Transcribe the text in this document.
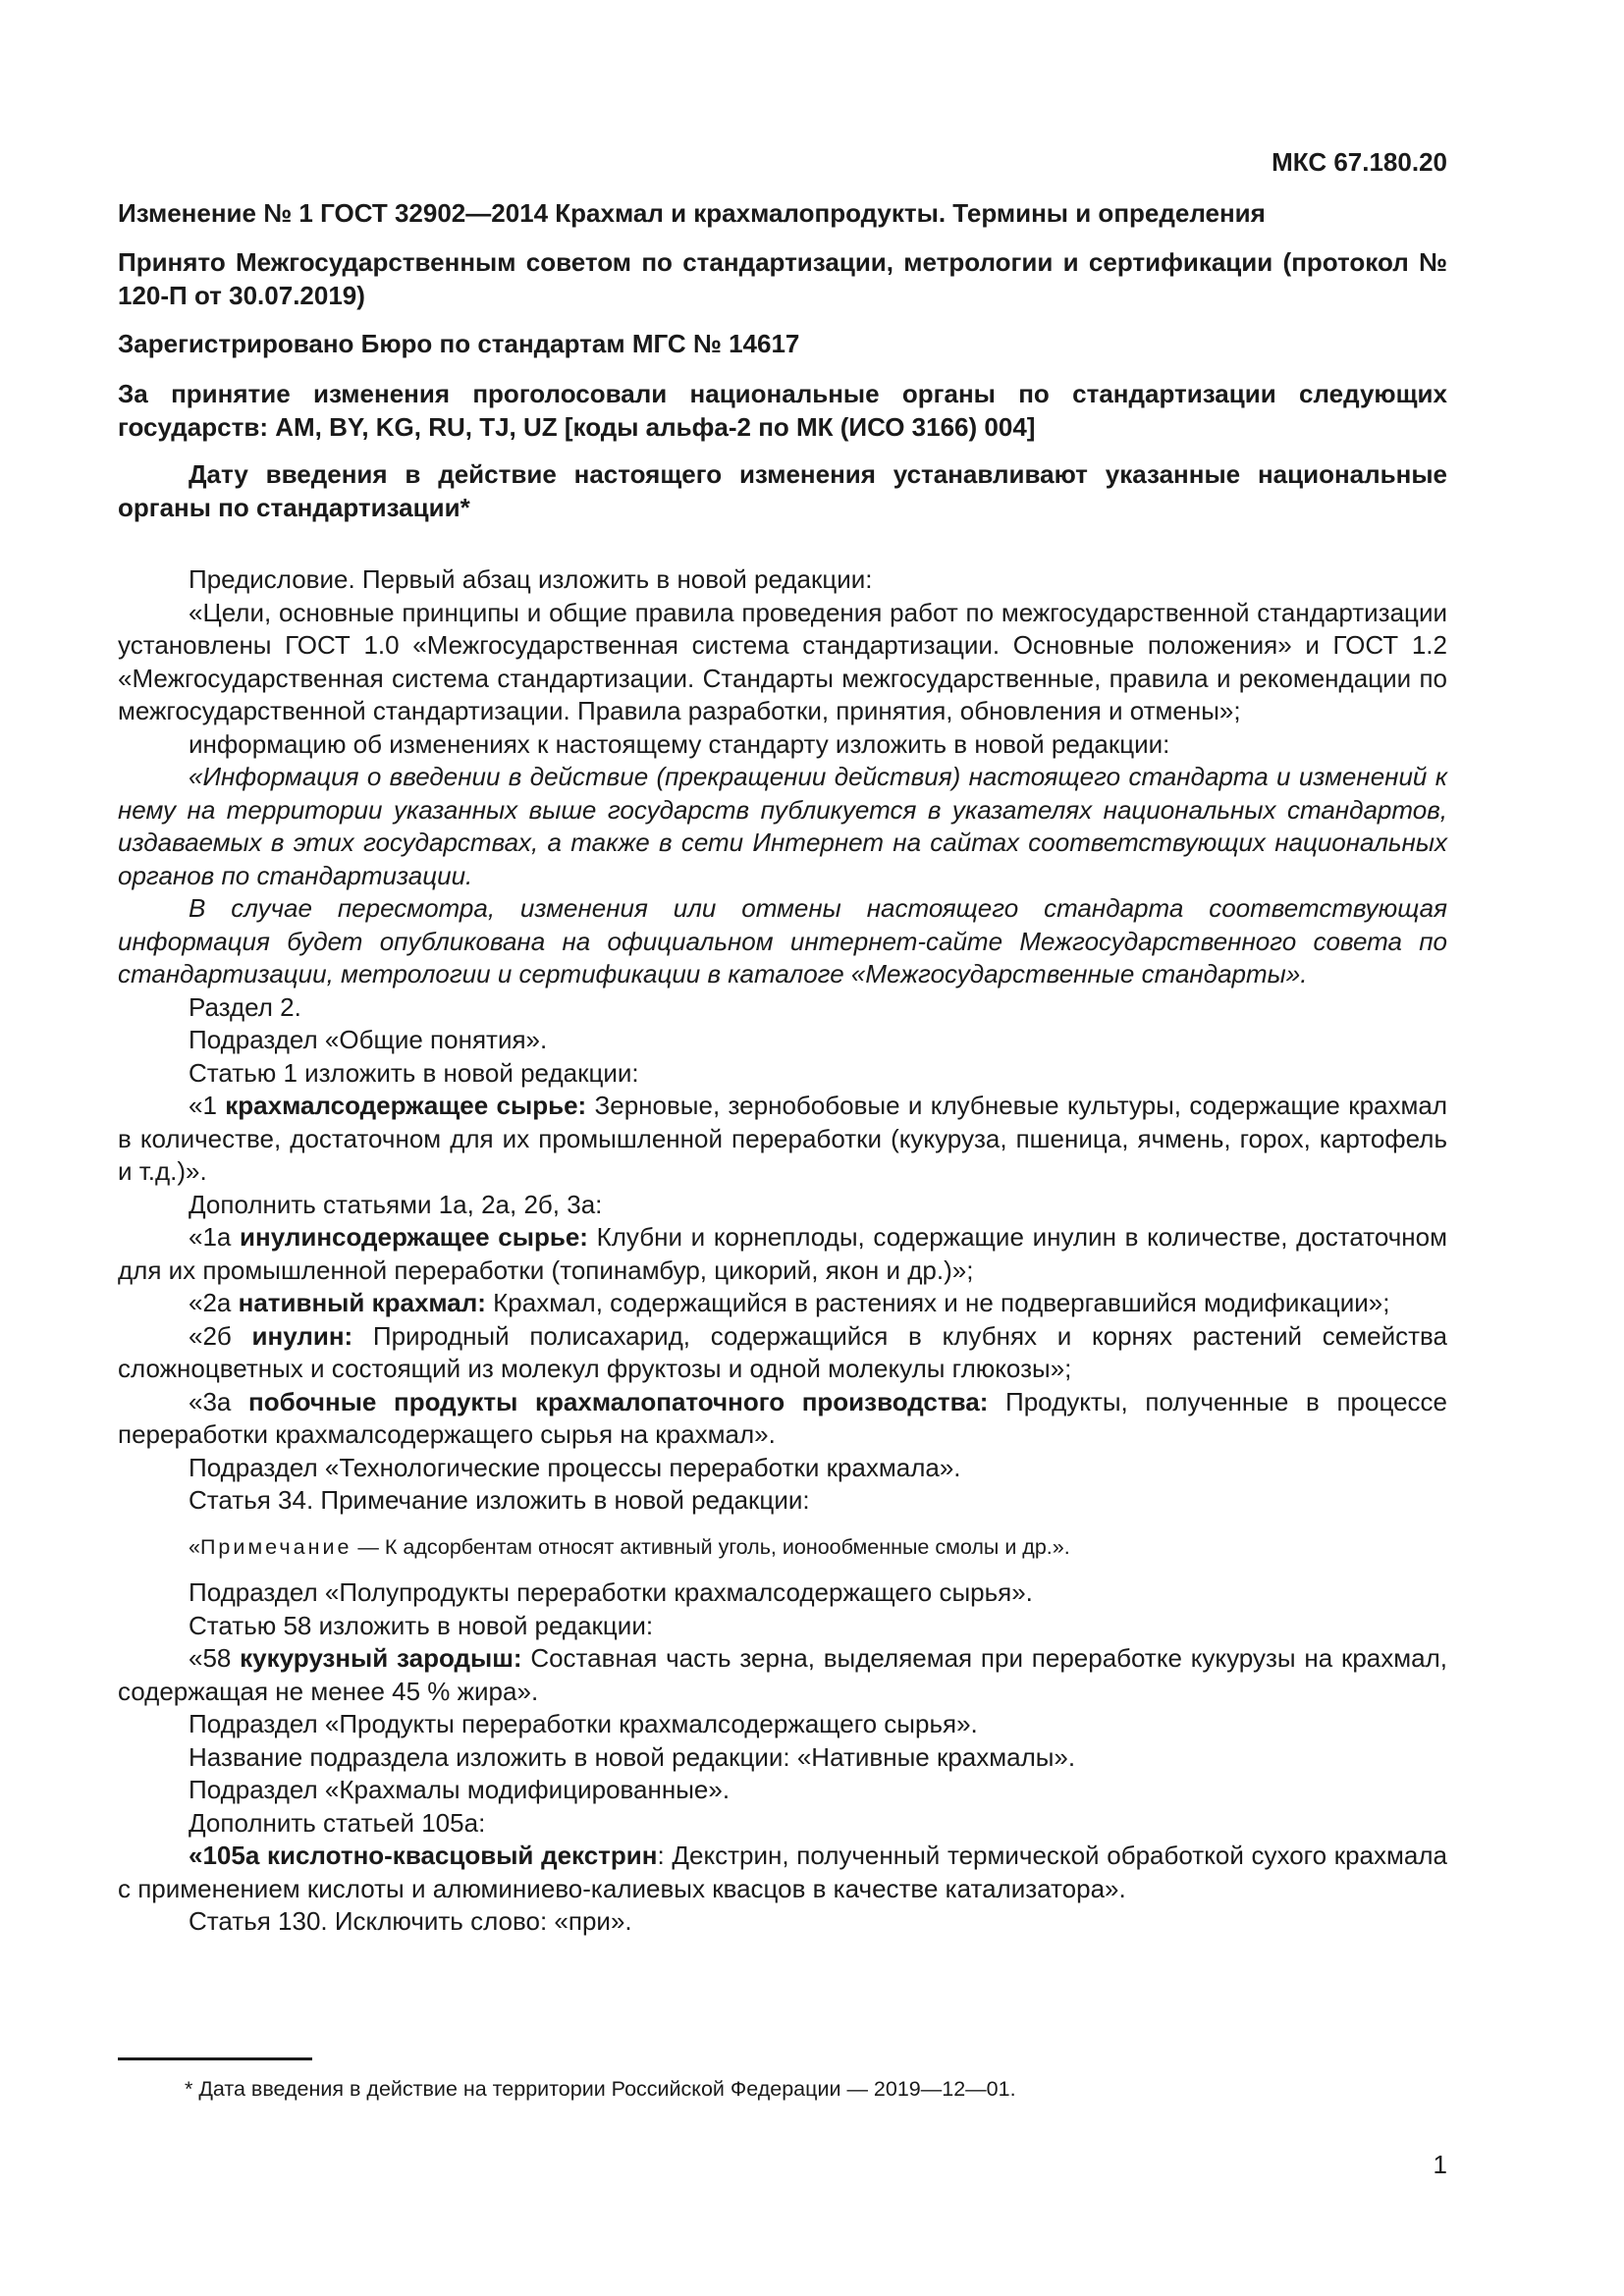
МКС 67.180.20
Изменение № 1 ГОСТ 32902—2014 Крахмал и крахмалопродукты. Термины и определения
Принято Межгосударственным советом по стандартизации, метрологии и сертификации (протокол № 120-П от 30.07.2019)
Зарегистрировано Бюро по стандартам МГС № 14617
За принятие изменения проголосовали национальные органы по стандартизации следующих государств: AM, BY, KG, RU, TJ, UZ [коды альфа-2 по МК (ИСО 3166) 004]
Дату введения в действие настоящего изменения устанавливают указанные национальные органы по стандартизации*

Предисловие. Первый абзац изложить в новой редакции:

«Цели, основные принципы и общие правила проведения работ по межгосударственной стандартизации установлены ГОСТ 1.0 «Межгосударственная система стандартизации. Основные положения» и ГОСТ 1.2 «Межгосударственная система стандартизации. Стандарты межгосударственные, правила и рекомендации по межгосударственной стандартизации. Правила разработки, принятия, обновления и отмены»;

информацию об изменениях к настоящему стандарту изложить в новой редакции:

«Информация о введении в действие (прекращении действия) настоящего стандарта и изменений к нему на территории указанных выше государств публикуется в указателях национальных стандартов, издаваемых в этих государствах, а также в сети Интернет на сайтах соответствующих национальных органов по стандартизации.

В случае пересмотра, изменения или отмены настоящего стандарта соответствующая информация будет опубликована на официальном интернет-сайте Межгосударственного совета по стандартизации, метрологии и сертификации в каталоге «Межгосударственные стандарты».

Раздел 2.

Подраздел «Общие понятия».

Статью 1 изложить в новой редакции:

«1 крахмалсодержащее сырье: Зерновые, зернобобовые и клубневые культуры, содержащие крахмал в количестве, достаточном для их промышленной переработки (кукуруза, пшеница, ячмень, горох, картофель и т.д.)».

Дополнить статьями 1а, 2а, 2б, 3а:

«1а инулинсодержащее сырье: Клубни и корнеплоды, содержащие инулин в количестве, достаточном для их промышленной переработки (топинамбур, цикорий, якон и др.)»;

«2а нативный крахмал: Крахмал, содержащийся в растениях и не подвергавшийся модификации»;

«2б инулин: Природный полисахарид, содержащийся в клубнях и корнях растений семейства сложноцветных и состоящий из молекул фруктозы и одной молекулы глюкозы»;

«3а побочные продукты крахмалопаточного производства: Продукты, полученные в процессе переработки крахмалсодержащего сырья на крахмал».

Подраздел «Технологические процессы переработки крахмала».

Статья 34. Примечание изложить в новой редакции:

«Примечание — К адсорбентам относят активный уголь, ионообменные смолы и др.».

Подраздел «Полупродукты переработки крахмалсодержащего сырья».

Статью 58 изложить в новой редакции:

«58 кукурузный зародыш: Составная часть зерна, выделяемая при переработке кукурузы на крахмал, содержащая не менее 45 % жира».

Подраздел «Продукты переработки крахмалсодержащего сырья».

Название подраздела изложить в новой редакции: «Нативные крахмалы».

Подраздел «Крахмалы модифицированные».

Дополнить статьей 105а:

«105а кислотно-квасцовый декстрин: Декстрин, полученный термической обработкой сухого крахмала с применением кислоты и алюминиево-калиевых квасцов в качестве катализатора».

Статья 130. Исключить слово: «при».

* Дата введения в действие на территории Российской Федерации — 2019—12—01.
1
